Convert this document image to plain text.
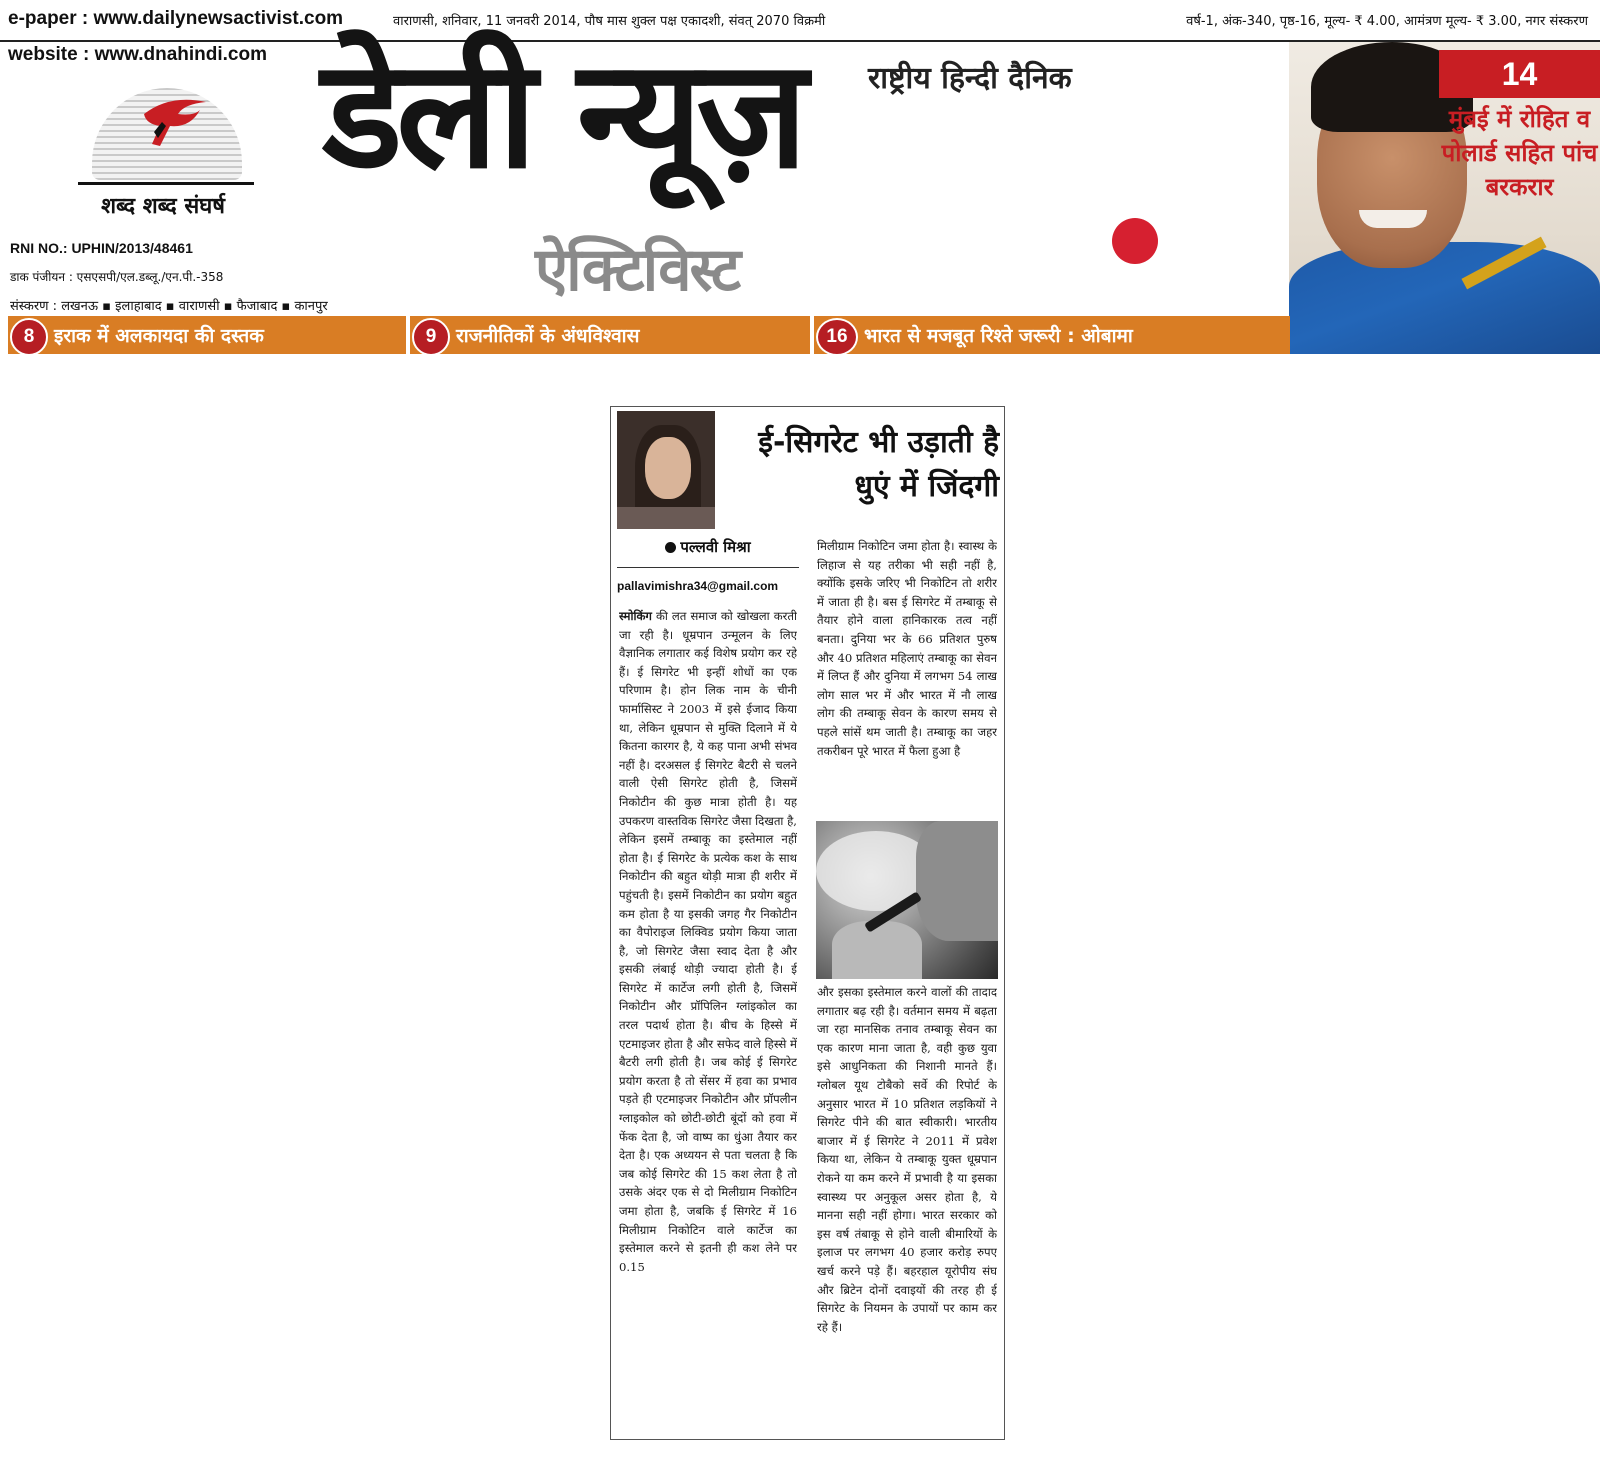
e-paper : www.dailynewsactivist.com	वाराणसी, शनिवार, 11 जनवरी 2014, पौष मास शुक्ल पक्ष एकादशी, संवत् 2070 विक्रमी	वर्ष-1, अंक-340, पृष्ठ-16, मूल्य- ₹ 4.00, आमंत्रण मूल्य- ₹ 3.00, नगर संस्करण
website : www.dnahindi.com
शब्द शब्द संघर्ष
RNI NO.: UPHIN/2013/48461
डाक पंजीयन : एसएसपी/एल.डब्लू./एन.पी.-358
संस्करण : लखनऊ ▪ इलाहाबाद ▪ वाराणसी ▪ फैजाबाद ▪ कानपुर
डेली न्यूज़ राष्ट्रीय हिन्दी दैनिक
ऐक्टिविस्ट
14
मुंबई में रोहित व पोलार्ड सहित पांच बरकरार
8	इराक में अलकायदा की दस्तक	9	राजनीतिकों के अंधविश्वास	16 भारत से मजबूत रिश्ते जरूरी : ओबामा
ई-सिगरेट भी उड़ाती है धुएं में जिंदगी
पल्लवी मिश्रा
pallavimishra34@gmail.com
स्मोकिंग की लत समाज को खोखला करती जा रही है। धूम्रपान उन्मूलन के लिए वैज्ञानिक लगातार कई विशेष प्रयोग कर रहे हैं। ई सिगरेट भी इन्हीं शोधों का एक परिणाम है। होन लिक नाम के चीनी फार्मासिस्ट ने 2003 में इसे ईजाद किया था, लेकिन धूम्रपान से मुक्ति दिलाने में ये कितना कारगर है, ये कह पाना अभी संभव नहीं है। दरअसल ई सिगरेट बैटरी से चलने वाली ऐसी सिगरेट होती है, जिसमें निकोटीन की कुछ मात्रा होती है। यह उपकरण वास्तविक सिगरेट जैसा दिखता है, लेकिन इसमें तम्बाकू का इस्तेमाल नहीं होता है। ई सिगरेट के प्रत्येक कश के साथ निकोटीन की बहुत थोड़ी मात्रा ही शरीर में पहुंचती है। इसमें निकोटीन का प्रयोग बहुत कम होता है या इसकी जगह गैर निकोटीन का वैपोराइज लिक्विड प्रयोग किया जाता है, जो सिगरेट जैसा स्वाद देता है और इसकी लंबाई थोड़ी ज्यादा होती है। ई सिगरेट में कार्टेज लगी होती है, जिसमें निकोटीन और प्रॉपिलिन ग्लांइकोल का तरल पदार्थ होता है। बीच के हिस्से में एटमाइजर होता है और सफेद वाले हिस्से में बैटरी लगी होती है। जब कोई ई सिगरेट प्रयोग करता है तो सेंसर में हवा का प्रभाव पड़ते ही एटमाइजर निकोटीन और प्रॉपलीन ग्लाइकोल को छोटी-छोटी बूंदों को हवा में फेंक देता है, जो वाष्प का धुंआ तैयार कर देता है। एक अध्ययन से पता चलता है कि जब कोई सिगरेट की 15 कश लेता है तो उसके अंदर एक से दो मिलीग्राम निकोटिन जमा होता है, जबकि ई सिगरेट में 16 मिलीग्राम निकोटिन वाले कार्टेज का इस्तेमाल करने से इतनी ही कश लेने पर 0.15
मिलीग्राम निकोटिन जमा होता है। स्वास्थ के लिहाज से यह तरीका भी सही नहीं है, क्योंकि इसके जरिए भी निकोटिन तो शरीर में जाता ही है। बस ई सिगरेट में तम्बाकू से तैयार होने वाला हानिकारक तत्व नहीं बनता। दुनिया भर के 66 प्रतिशत पुरुष और 40 प्रतिशत महिलाएं तम्बाकू का सेवन में लिप्त हैं और दुनिया में लगभग 54 लाख लोग साल भर में और भारत में नौ लाख लोग की तम्बाकू सेवन के कारण समय से पहले सांसें थम जाती है। तम्बाकू का जहर तकरीबन पूरे भारत में फैला हुआ है
और इसका इस्तेमाल करने वालों की तादाद लगातार बढ़ रही है। वर्तमान समय में बढ़ता जा रहा मानसिक तनाव तम्बाकू सेवन का एक कारण माना जाता है, वही कुछ युवा इसे आधुनिकता की निशानी मानते हैं। ग्लोबल यूथ टोबैको सर्वे की रिपोर्ट के अनुसार भारत में 10 प्रतिशत लड़कियों ने सिगरेट पीने की बात स्वीकारी। भारतीय बाजार में ई सिगरेट ने 2011 में प्रवेश किया था, लेकिन ये तम्बाकू युक्त धूम्रपान रोकने या कम करने में प्रभावी है या इसका स्वास्थ्य पर अनुकूल असर होता है, ये मानना सही नहीं होगा। भारत सरकार को इस वर्ष तंबाकू से होने वाली बीमारियों के इलाज पर लगभग 40 हजार करोड़ रुपए खर्च करने पड़े हैं। बहरहाल यूरोपीय संघ और ब्रिटेन दोनों दवाइयों की तरह ही ई सिगरेट के नियमन के उपायों पर काम कर रहे हैं।
